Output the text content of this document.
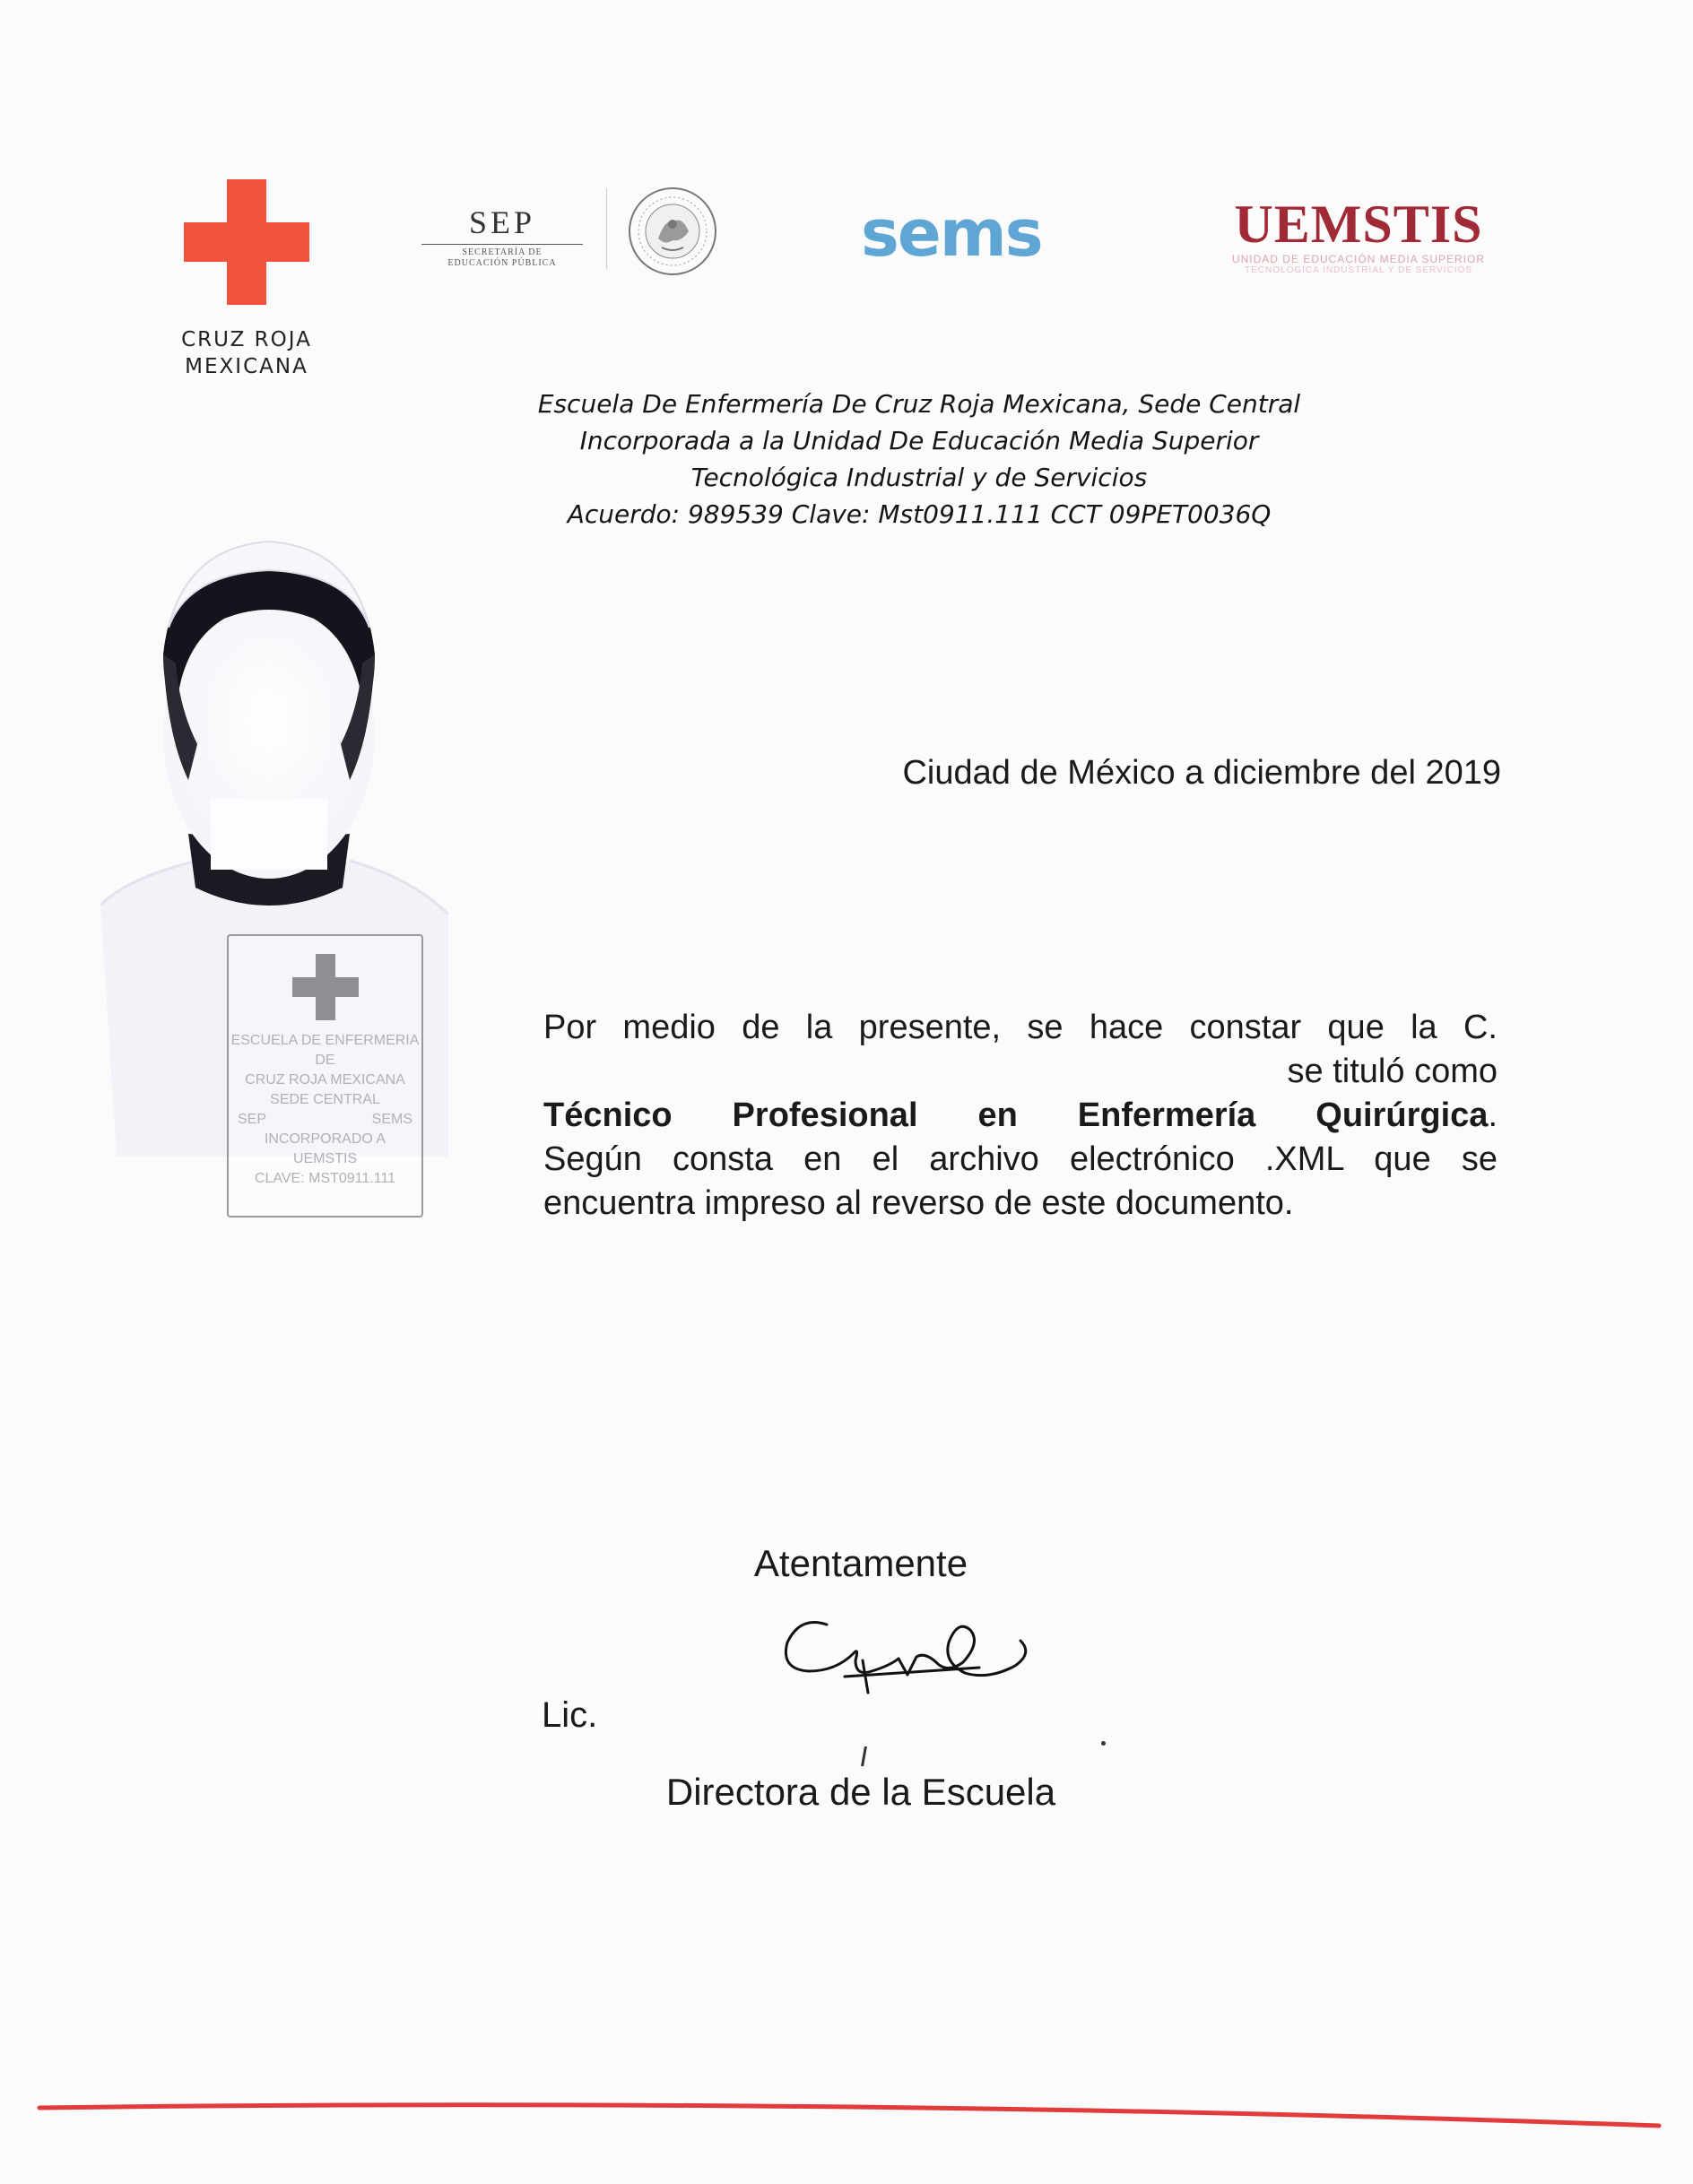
CRUZ ROJA
MEXICANA
SEP
SECRETARÍA DE
EDUCACIÓN PÚBLICA	sems	UEMSTIS
UNIDAD DE EDUCACIÓN MEDIA SUPERIOR
TECNOLÓGICA INDUSTRIAL Y DE SERVICIOS
Escuela De Enfermería De Cruz Roja Mexicana, Sede Central
Incorporada a la Unidad De Educación Media Superior
Tecnológica Industrial y de Servicios
Acuerdo: 989539 Clave: Mst0911.111 CCT 09PET0036Q
ESCUELA DE ENFERMERIA
DE
CRUZ ROJA MEXICANA
SEDE CENTRAL
SEP	SEMS
INCORPORADO A
UEMSTIS
CLAVE: MST0911.111
Ciudad de México a diciembre del 2019
Por medio de la presente, se hace constar que la C.
se tituló como
Técnico Profesional en Enfermería Quirúrgica.
Según consta en el archivo electrónico .XML que se
encuentra impreso al reverso de este documento.
Atentamente
Lic.
Directora de la Escuela
